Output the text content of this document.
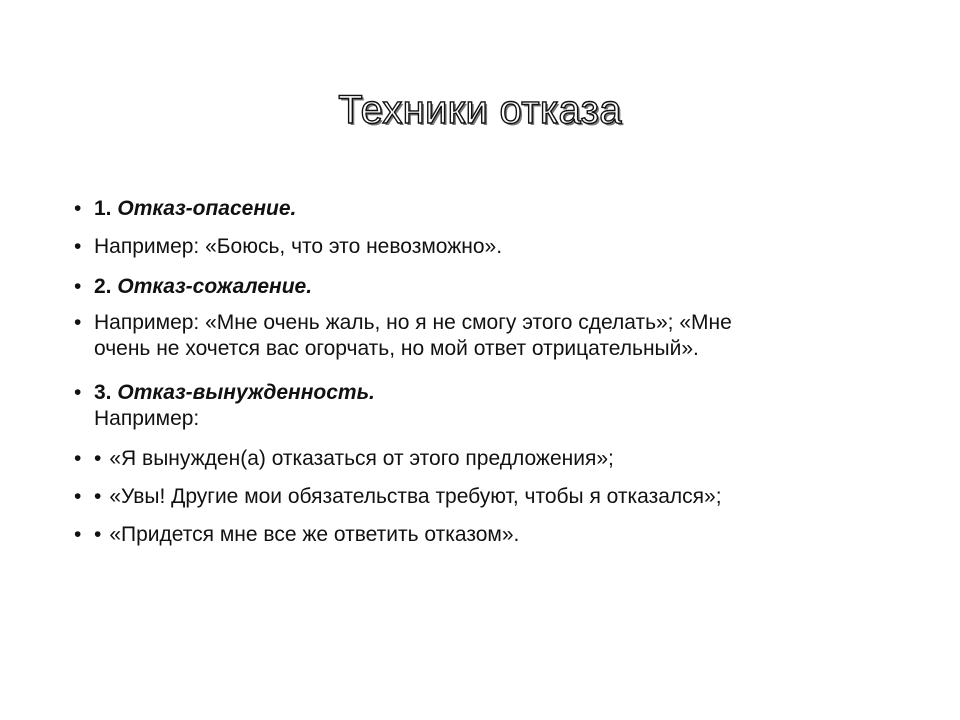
Техники отказа
• 1. Отказ-опасение.
• Например: «Боюсь, что это невозможно».
• 2. Отказ-сожаление.
• Например: «Мне очень жаль, но я не смогу этого сделать»; «Мне
очень не хочется вас огорчать, но мой ответ отрицательный».
• 3. Отказ-вынужденность.
Например:
• • «Я вынужден(а) отказаться от этого предложения»;
• • «Увы! Другие мои обязательства требуют, чтобы я отказался»;
• • «Придется мне все же ответить отказом».
